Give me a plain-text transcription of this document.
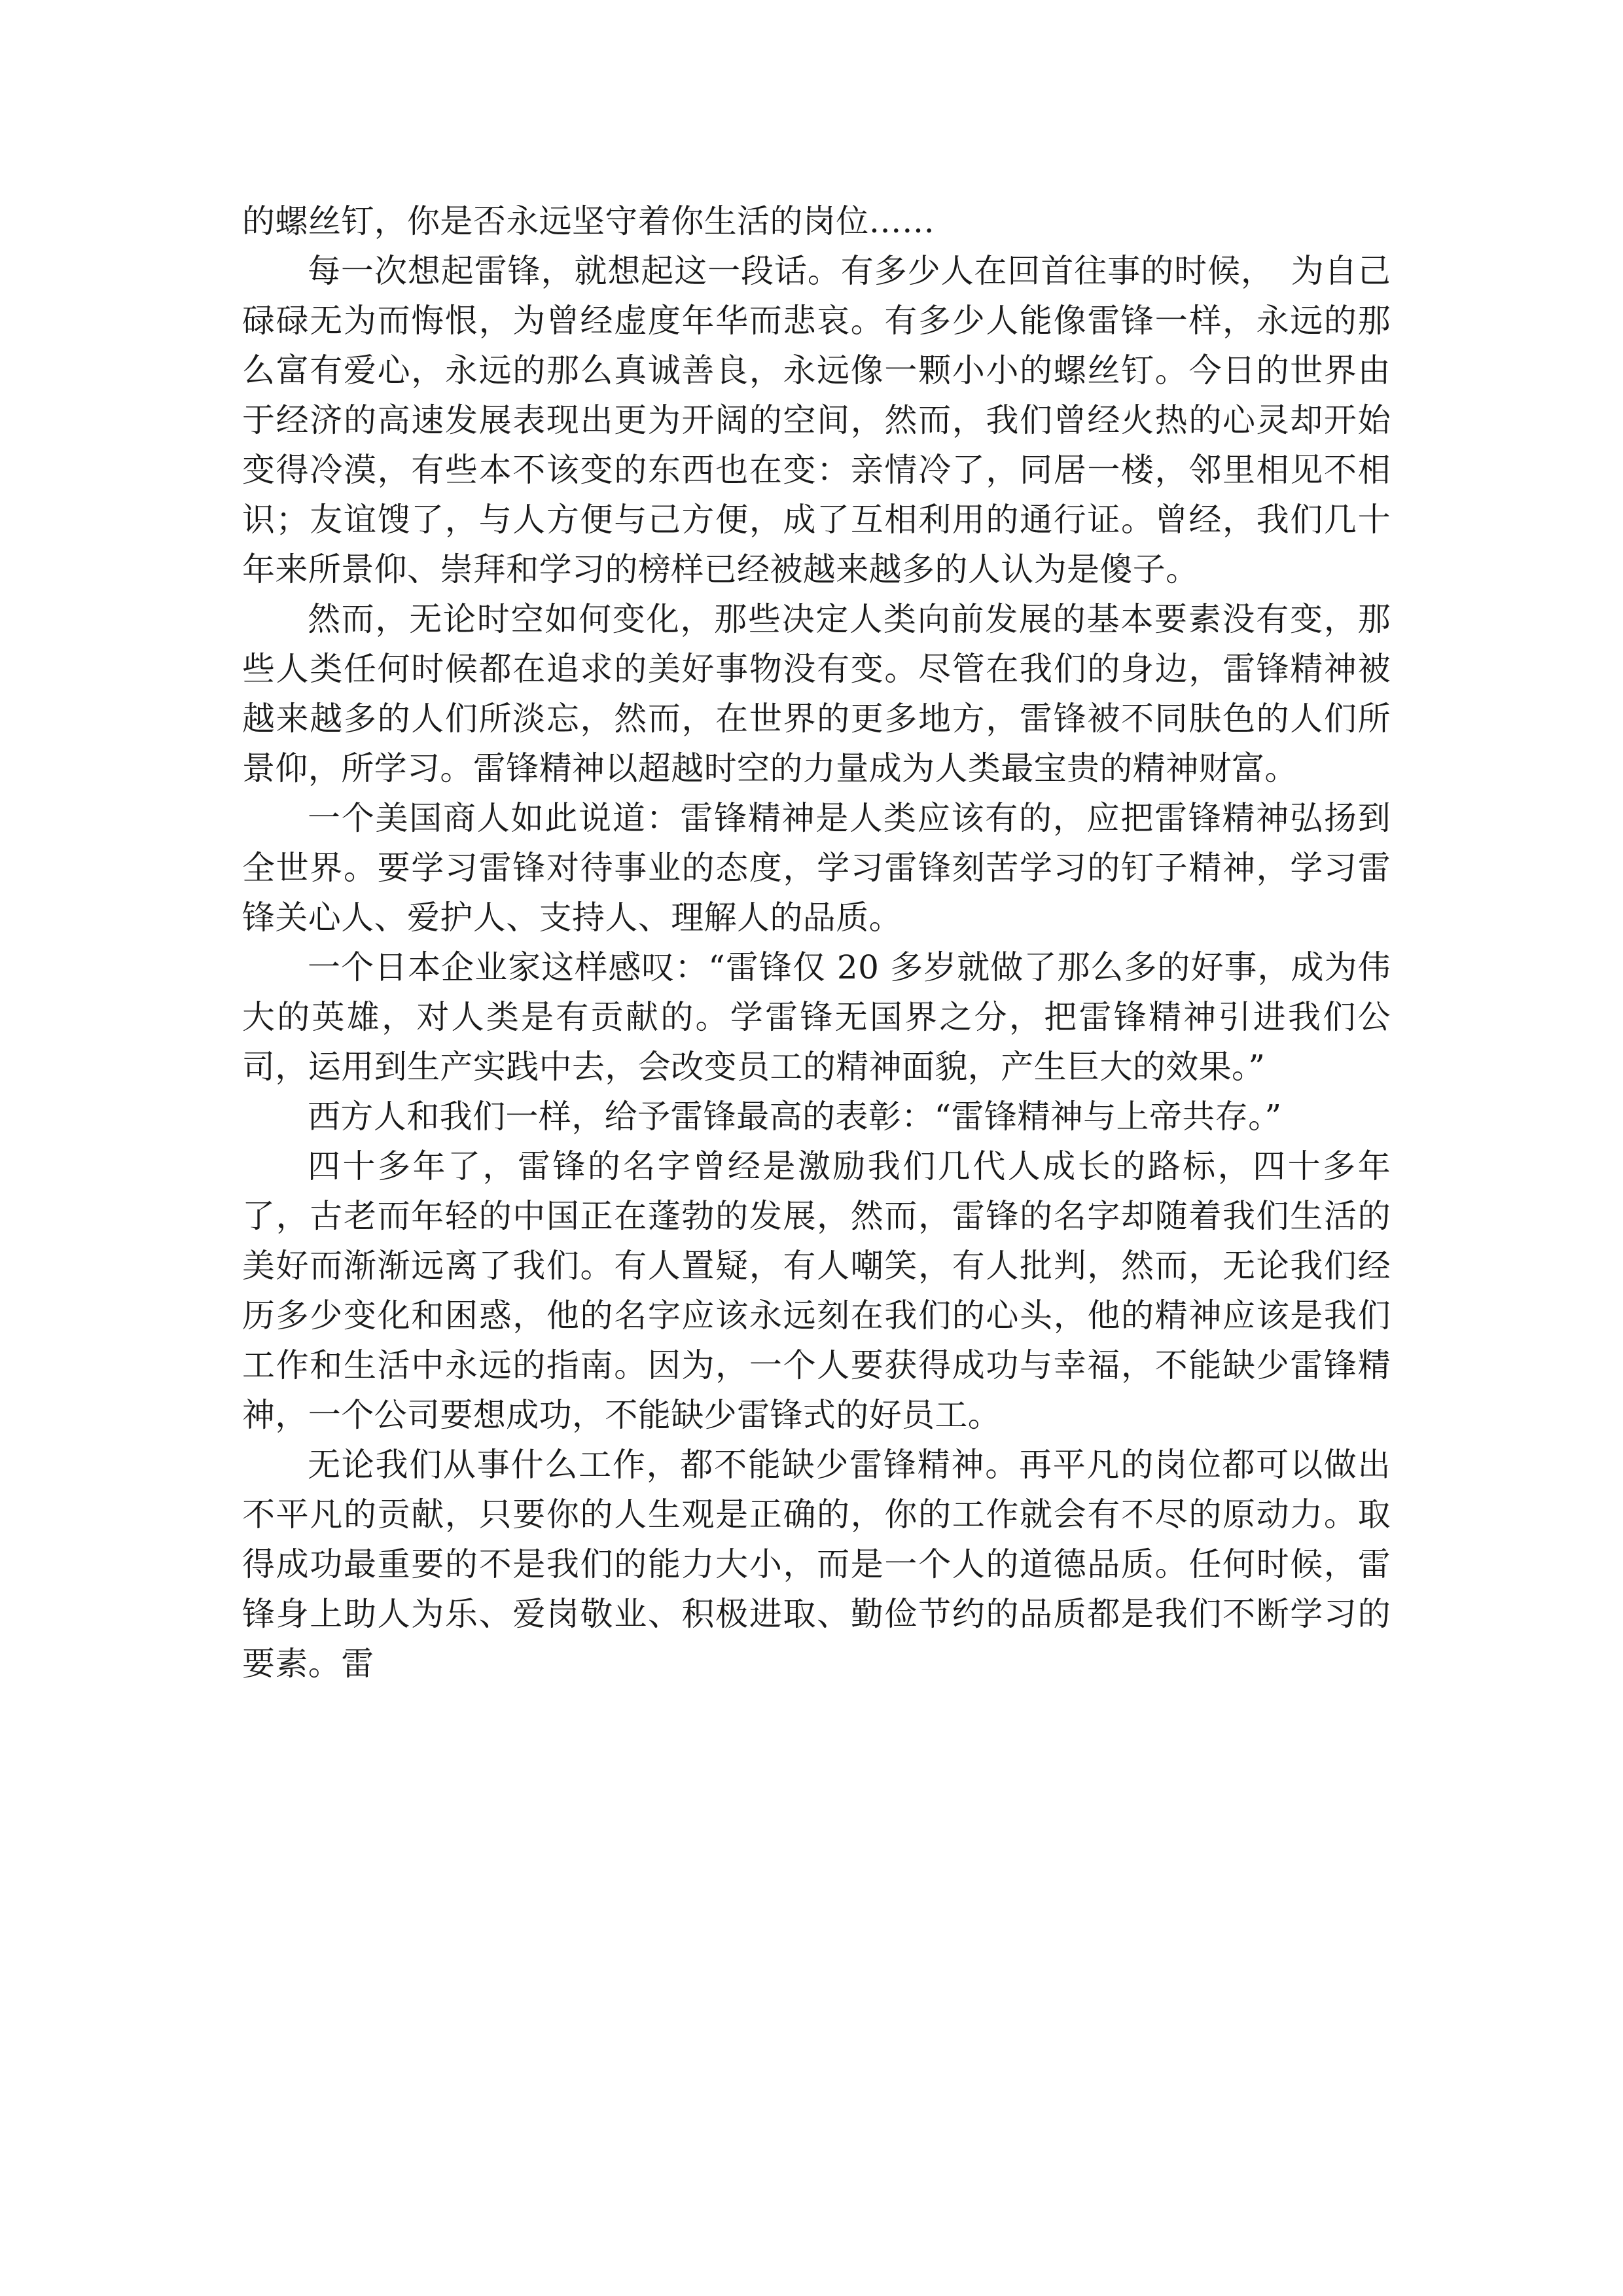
的螺丝钉，你是否永远坚守着你生活的岗位……

每一次想起雷锋，就想起这一段话。有多少人在回首往事的时候，　为自己碌碌无为而悔恨，为曾经虚度年华而悲哀。有多少人能像雷锋一样，永远的那么富有爱心，永远的那么真诚善良，永远像一颗小小的螺丝钉。今日的世界由于经济的高速发展表现出更为开阔的空间，然而，我们曾经火热的心灵却开始变得冷漠，有些本不该变的东西也在变：亲情冷了，同居一楼，邻里相见不相识；友谊馊了，与人方便与己方便，成了互相利用的通行证。曾经，我们几十年来所景仰、崇拜和学习的榜样已经被越来越多的人认为是傻子。

然而，无论时空如何变化，那些决定人类向前发展的基本要素没有变，那些人类任何时候都在追求的美好事物没有变。尽管在我们的身边，雷锋精神被越来越多的人们所淡忘，然而，在世界的更多地方，雷锋被不同肤色的人们所景仰，所学习。雷锋精神以超越时空的力量成为人类最宝贵的精神财富。

一个美国商人如此说道：雷锋精神是人类应该有的，应把雷锋精神弘扬到全世界。要学习雷锋对待事业的态度，学习雷锋刻苦学习的钉子精神，学习雷锋关心人、爱护人、支持人、理解人的品质。

一个日本企业家这样感叹：“雷锋仅 20 多岁就做了那么多的好事，成为伟大的英雄，对人类是有贡献的。学雷锋无国界之分，把雷锋精神引进我们公司，运用到生产实践中去，会改变员工的精神面貌，产生巨大的效果。”

西方人和我们一样，给予雷锋最高的表彰：“雷锋精神与上帝共存。”

四十多年了，雷锋的名字曾经是激励我们几代人成长的路标，四十多年了，古老而年轻的中国正在蓬勃的发展，然而，雷锋的名字却随着我们生活的美好而渐渐远离了我们。有人置疑，有人嘲笑，有人批判，然而，无论我们经历多少变化和困惑，他的名字应该永远刻在我们的心头，他的精神应该是我们工作和生活中永远的指南。因为，一个人要获得成功与幸福，不能缺少雷锋精神，一个公司要想成功，不能缺少雷锋式的好员工。

无论我们从事什么工作，都不能缺少雷锋精神。再平凡的岗位都可以做出不平凡的贡献，只要你的人生观是正确的，你的工作就会有不尽的原动力。取得成功最重要的不是我们的能力大小，而是一个人的道德品质。任何时候，雷锋身上助人为乐、爱岗敬业、积极进取、勤俭节约的品质都是我们不断学习的要素。雷
